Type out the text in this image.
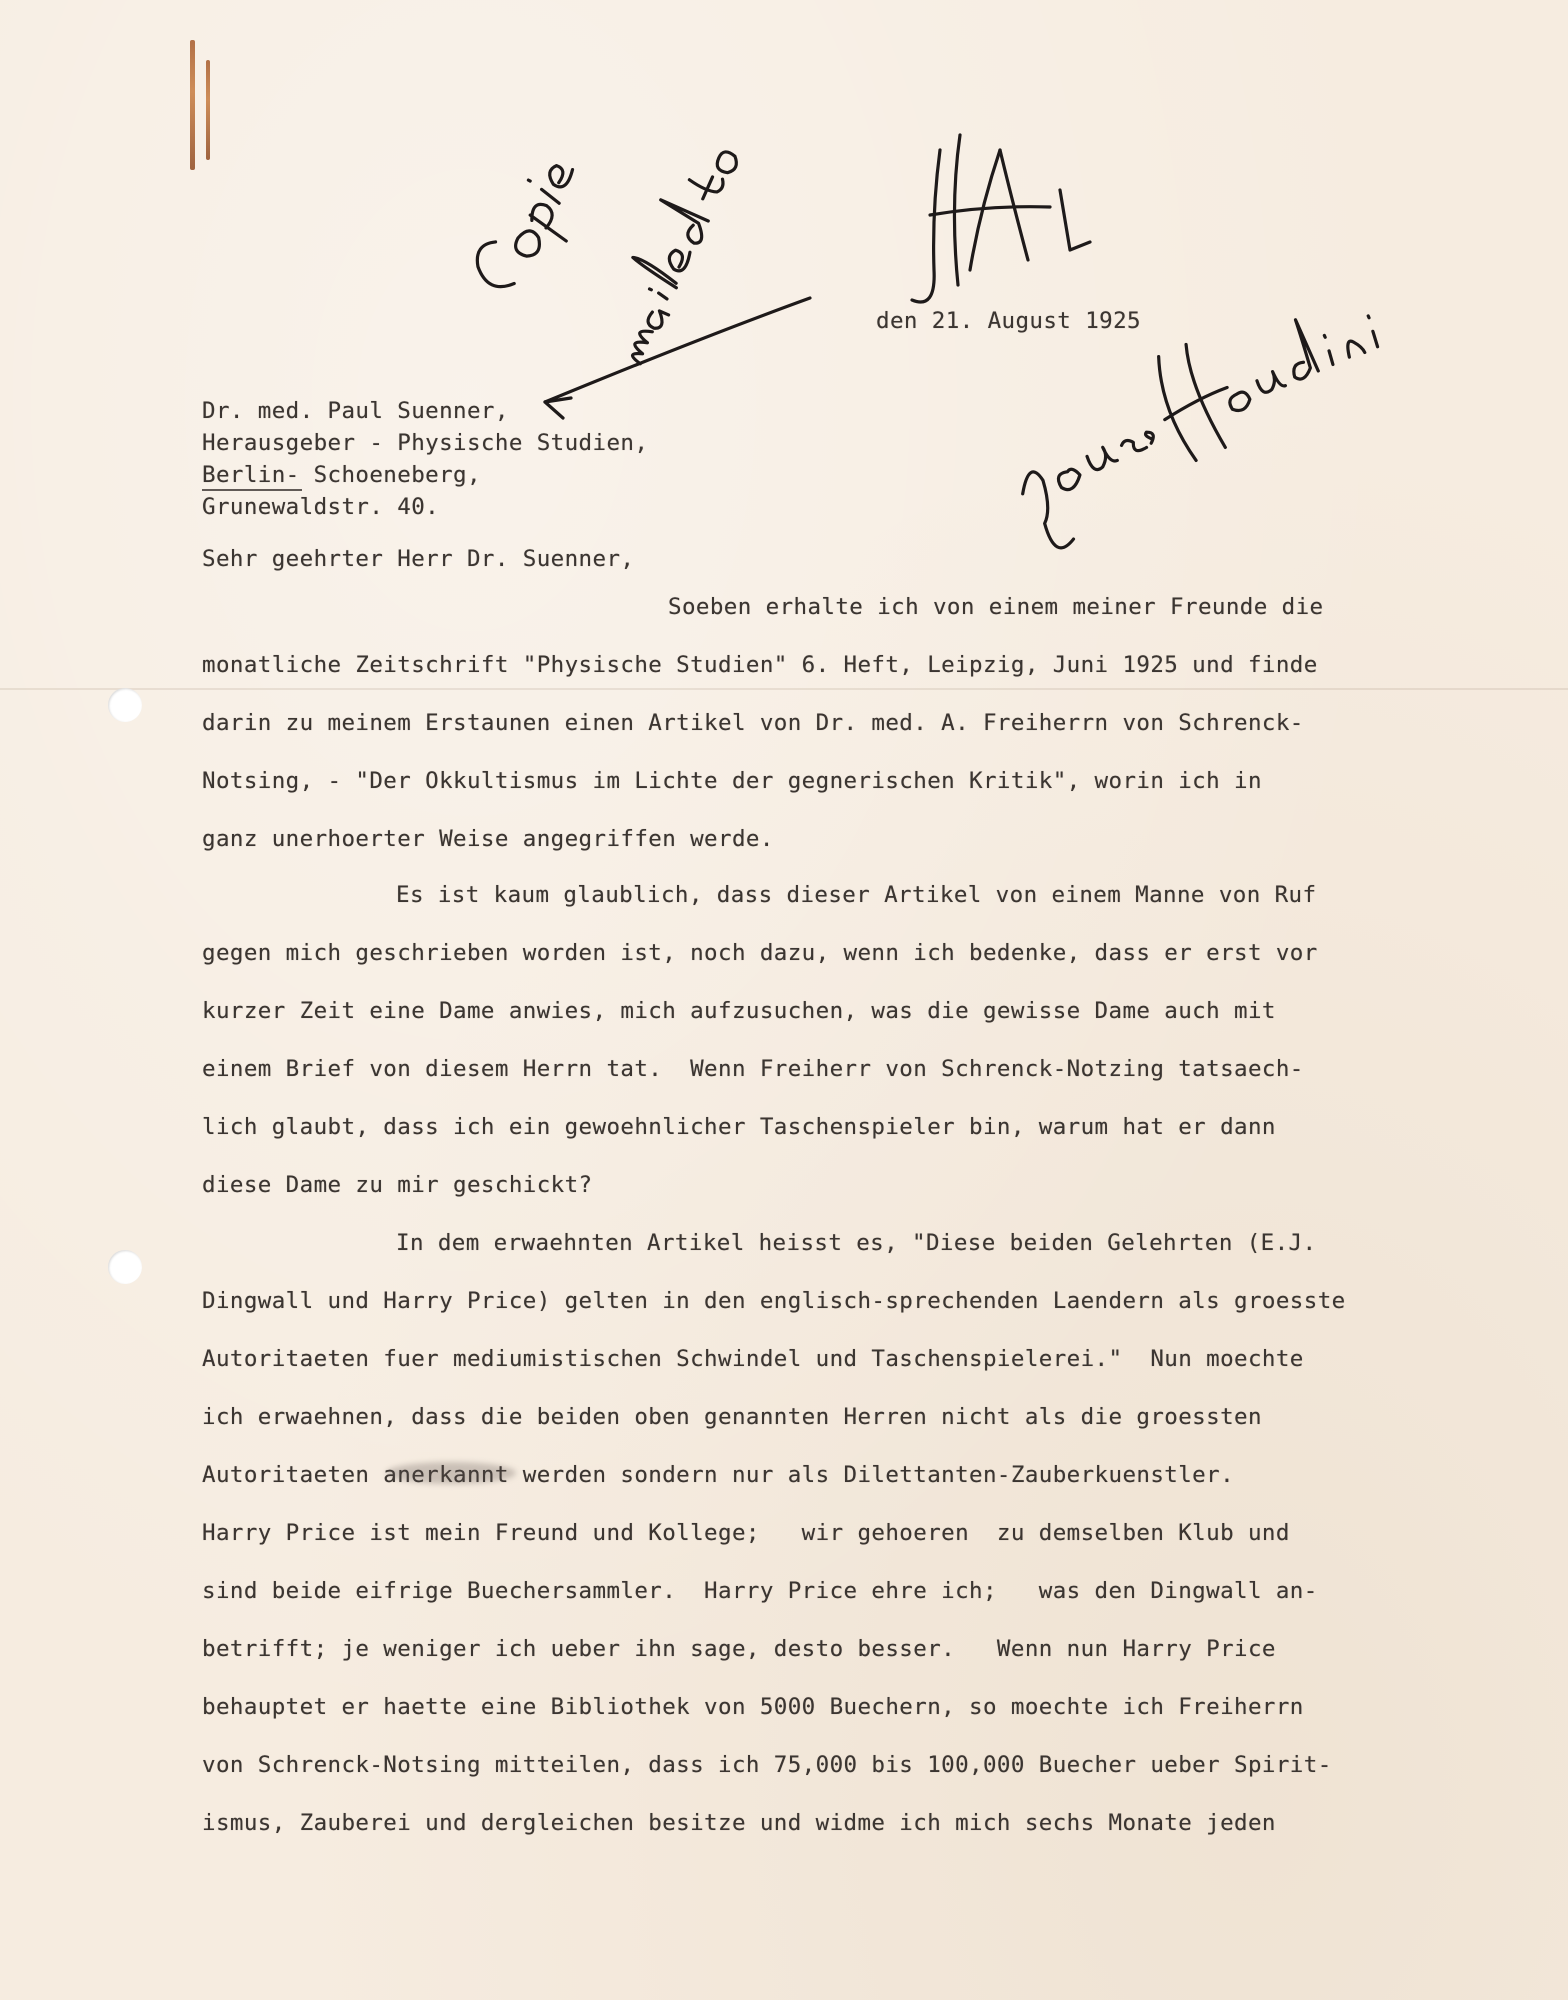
den 21. August 1925
Dr. med. Paul Suenner,
Herausgeber - Physische Studien,
Berlin- Schoeneberg,
Grunewaldstr. 40.
Sehr geehrter Herr Dr. Suenner,
Soeben erhalte ich von einem meiner Freunde die
monatliche Zeitschrift "Physische Studien" 6. Heft, Leipzig, Juni 1925 und finde
darin zu meinem Erstaunen einen Artikel von Dr. med. A. Freiherrn von Schrenck-
Notsing, - "Der Okkultismus im Lichte der gegnerischen Kritik", worin ich in
ganz unerhoerter Weise angegriffen werde.
Es ist kaum glaublich, dass dieser Artikel von einem Manne von Ruf
gegen mich geschrieben worden ist, noch dazu, wenn ich bedenke, dass er erst vor
kurzer Zeit eine Dame anwies, mich aufzusuchen, was die gewisse Dame auch mit
einem Brief von diesem Herrn tat.  Wenn Freiherr von Schrenck-Notzing tatsaech-
lich glaubt, dass ich ein gewoehnlicher Taschenspieler bin, warum hat er dann
diese Dame zu mir geschickt?
In dem erwaehnten Artikel heisst es, "Diese beiden Gelehrten (E.J.
Dingwall und Harry Price) gelten in den englisch-sprechenden Laendern als groesste
Autoritaeten fuer mediumistischen Schwindel und Taschenspielerei."  Nun moechte
ich erwaehnen, dass die beiden oben genannten Herren nicht als die groessten
Autoritaeten anerkannt werden sondern nur als Dilettanten-Zauberkuenstler.
Harry Price ist mein Freund und Kollege;   wir gehoeren  zu demselben Klub und
sind beide eifrige Buechersammler.  Harry Price ehre ich;   was den Dingwall an-
betrifft; je weniger ich ueber ihn sage, desto besser.   Wenn nun Harry Price
behauptet er haette eine Bibliothek von 5000 Buechern, so moechte ich Freiherrn
von Schrenck-Notsing mitteilen, dass ich 75,000 bis 100,000 Buecher ueber Spirit-
ismus, Zauberei und dergleichen besitze und widme ich mich sechs Monate jeden
